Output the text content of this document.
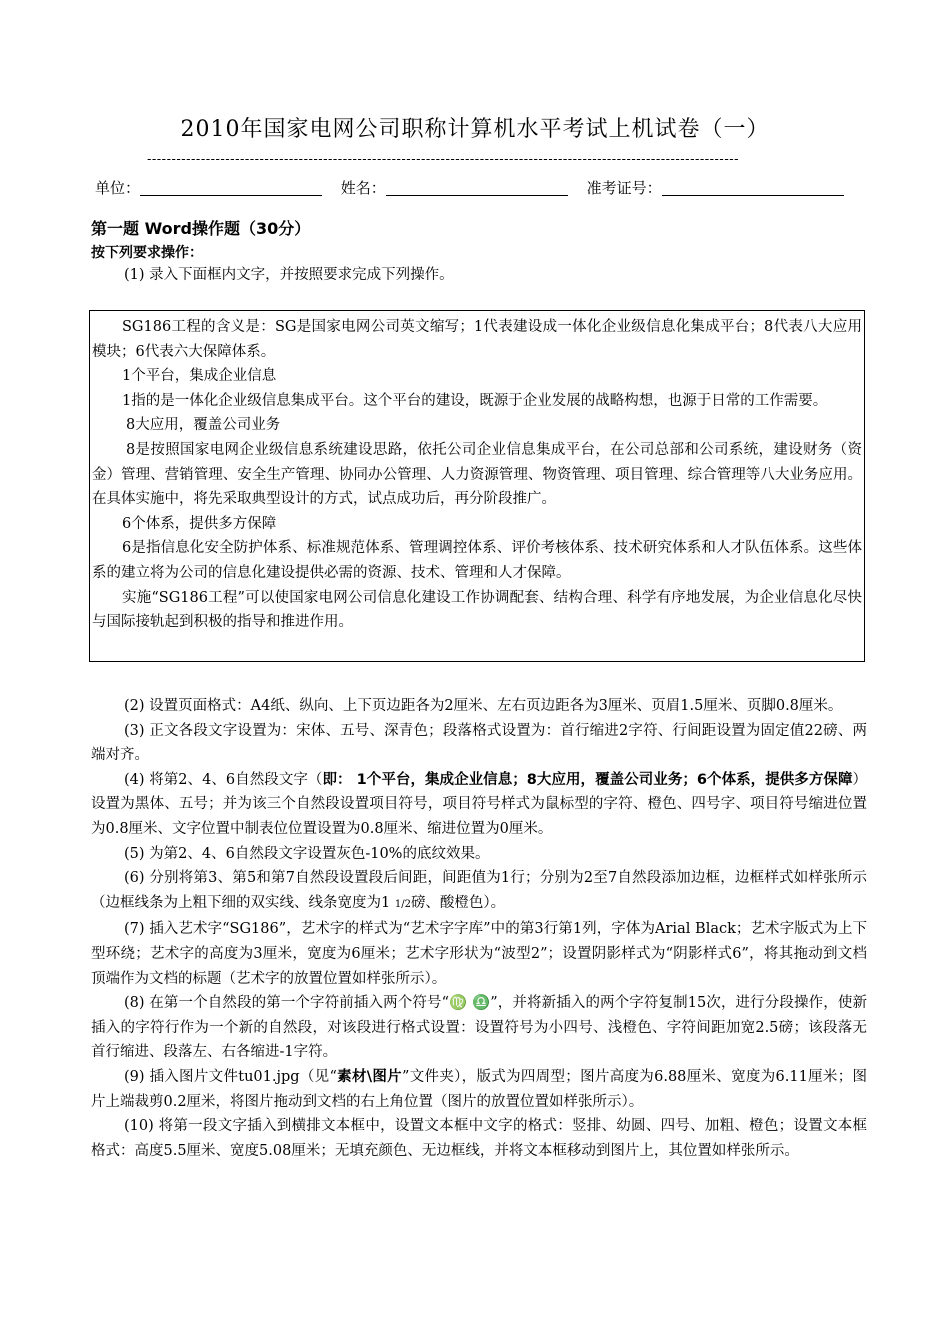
2010年国家电网公司职称计算机水平考试上机试卷（一）
-------------------------------------------------------------------------------------------------------------------------
单位：	姓名：	准考证号：
第一题 Word操作题（30分）
按下列要求操作：
(1) 录入下面框内文字，并按照要求完成下列操作。

SG186工程的含义是：SG是国家电网公司英文缩写；1代表建设成一体化企业级信息化集成平台；8代表八大应用模块；6代表六大保障体系。

1个平台，集成企业信息

1指的是一体化企业级信息集成平台。这个平台的建设，既源于企业发展的战略构想，也源于日常的工作需要。

8大应用，覆盖公司业务

8是按照国家电网企业级信息系统建设思路，依托公司企业信息集成平台，在公司总部和公司系统，建设财务（资金）管理、营销管理、安全生产管理、协同办公管理、人力资源管理、物资管理、项目管理、综合管理等八大业务应用。在具体实施中，将先采取典型设计的方式，试点成功后，再分阶段推广。

6个体系，提供多方保障

6是指信息化安全防护体系、标准规范体系、管理调控体系、评价考核体系、技术研究体系和人才队伍体系。这些体系的建立将为公司的信息化建设提供必需的资源、技术、管理和人才保障。

实施“SG186工程”可以使国家电网公司信息化建设工作协调配套、结构合理、科学有序地发展，为企业信息化尽快与国际接轨起到积极的指导和推进作用。

(2) 设置页面格式：A4纸、纵向、上下页边距各为2厘米、左右页边距各为3厘米、页眉1.5厘米、页脚0.8厘米。

(3) 正文各段文字设置为：宋体、五号、深青色；段落格式设置为：首行缩进2字符、行间距设置为固定值22磅、两端对齐。

(4) 将第2、4、6自然段文字（即： 1个平台，集成企业信息；8大应用，覆盖公司业务；6个体系，提供多方保障）设置为黑体、五号；并为该三个自然段设置项目符号，项目符号样式为鼠标型的字符、橙色、四号字、项目符号缩进位置为0.8厘米、文字位置中制表位位置设置为0.8厘米、缩进位置为0厘米。

(5) 为第2、4、6自然段文字设置灰色-10%的底纹效果。

(6) 分别将第3、第5和第7自然段设置段后间距，间距值为1行；分别为2至7自然段添加边框，边框样式如样张所示（边框线条为上粗下细的双实线、线条宽度为1 1/2磅、酸橙色）。

(7) 插入艺术字“SG186”，艺术字的样式为“艺术字字库”中的第3行第1列，字体为Arial Black；艺术字版式为上下型环绕；艺术字的高度为3厘米，宽度为6厘米；艺术字形状为“波型2”；设置阴影样式为“阴影样式6”，将其拖动到文档顶端作为文档的标题（艺术字的放置位置如样张所示）。

(8) 在第一个自然段的第一个字符前插入两个符号“♍ ♎”，并将新插入的两个字符复制15次，进行分段操作，使新插入的字符行作为一个新的自然段，对该段进行格式设置：设置符号为小四号、浅橙色、字符间距加宽2.5磅；该段落无首行缩进、段落左、右各缩进-1字符。

(9) 插入图片文件tu01.jpg（见“素材\图片”文件夹），版式为四周型；图片高度为6.88厘米、宽度为6.11厘米；图片上端裁剪0.2厘米，将图片拖动到文档的右上角位置（图片的放置位置如样张所示）。

(10) 将第一段文字插入到横排文本框中，设置文本框中文字的格式：竖排、幼圆、四号、加粗、橙色；设置文本框格式：高度5.5厘米、宽度5.08厘米；无填充颜色、无边框线，并将文本框移动到图片上，其位置如样张所示。
